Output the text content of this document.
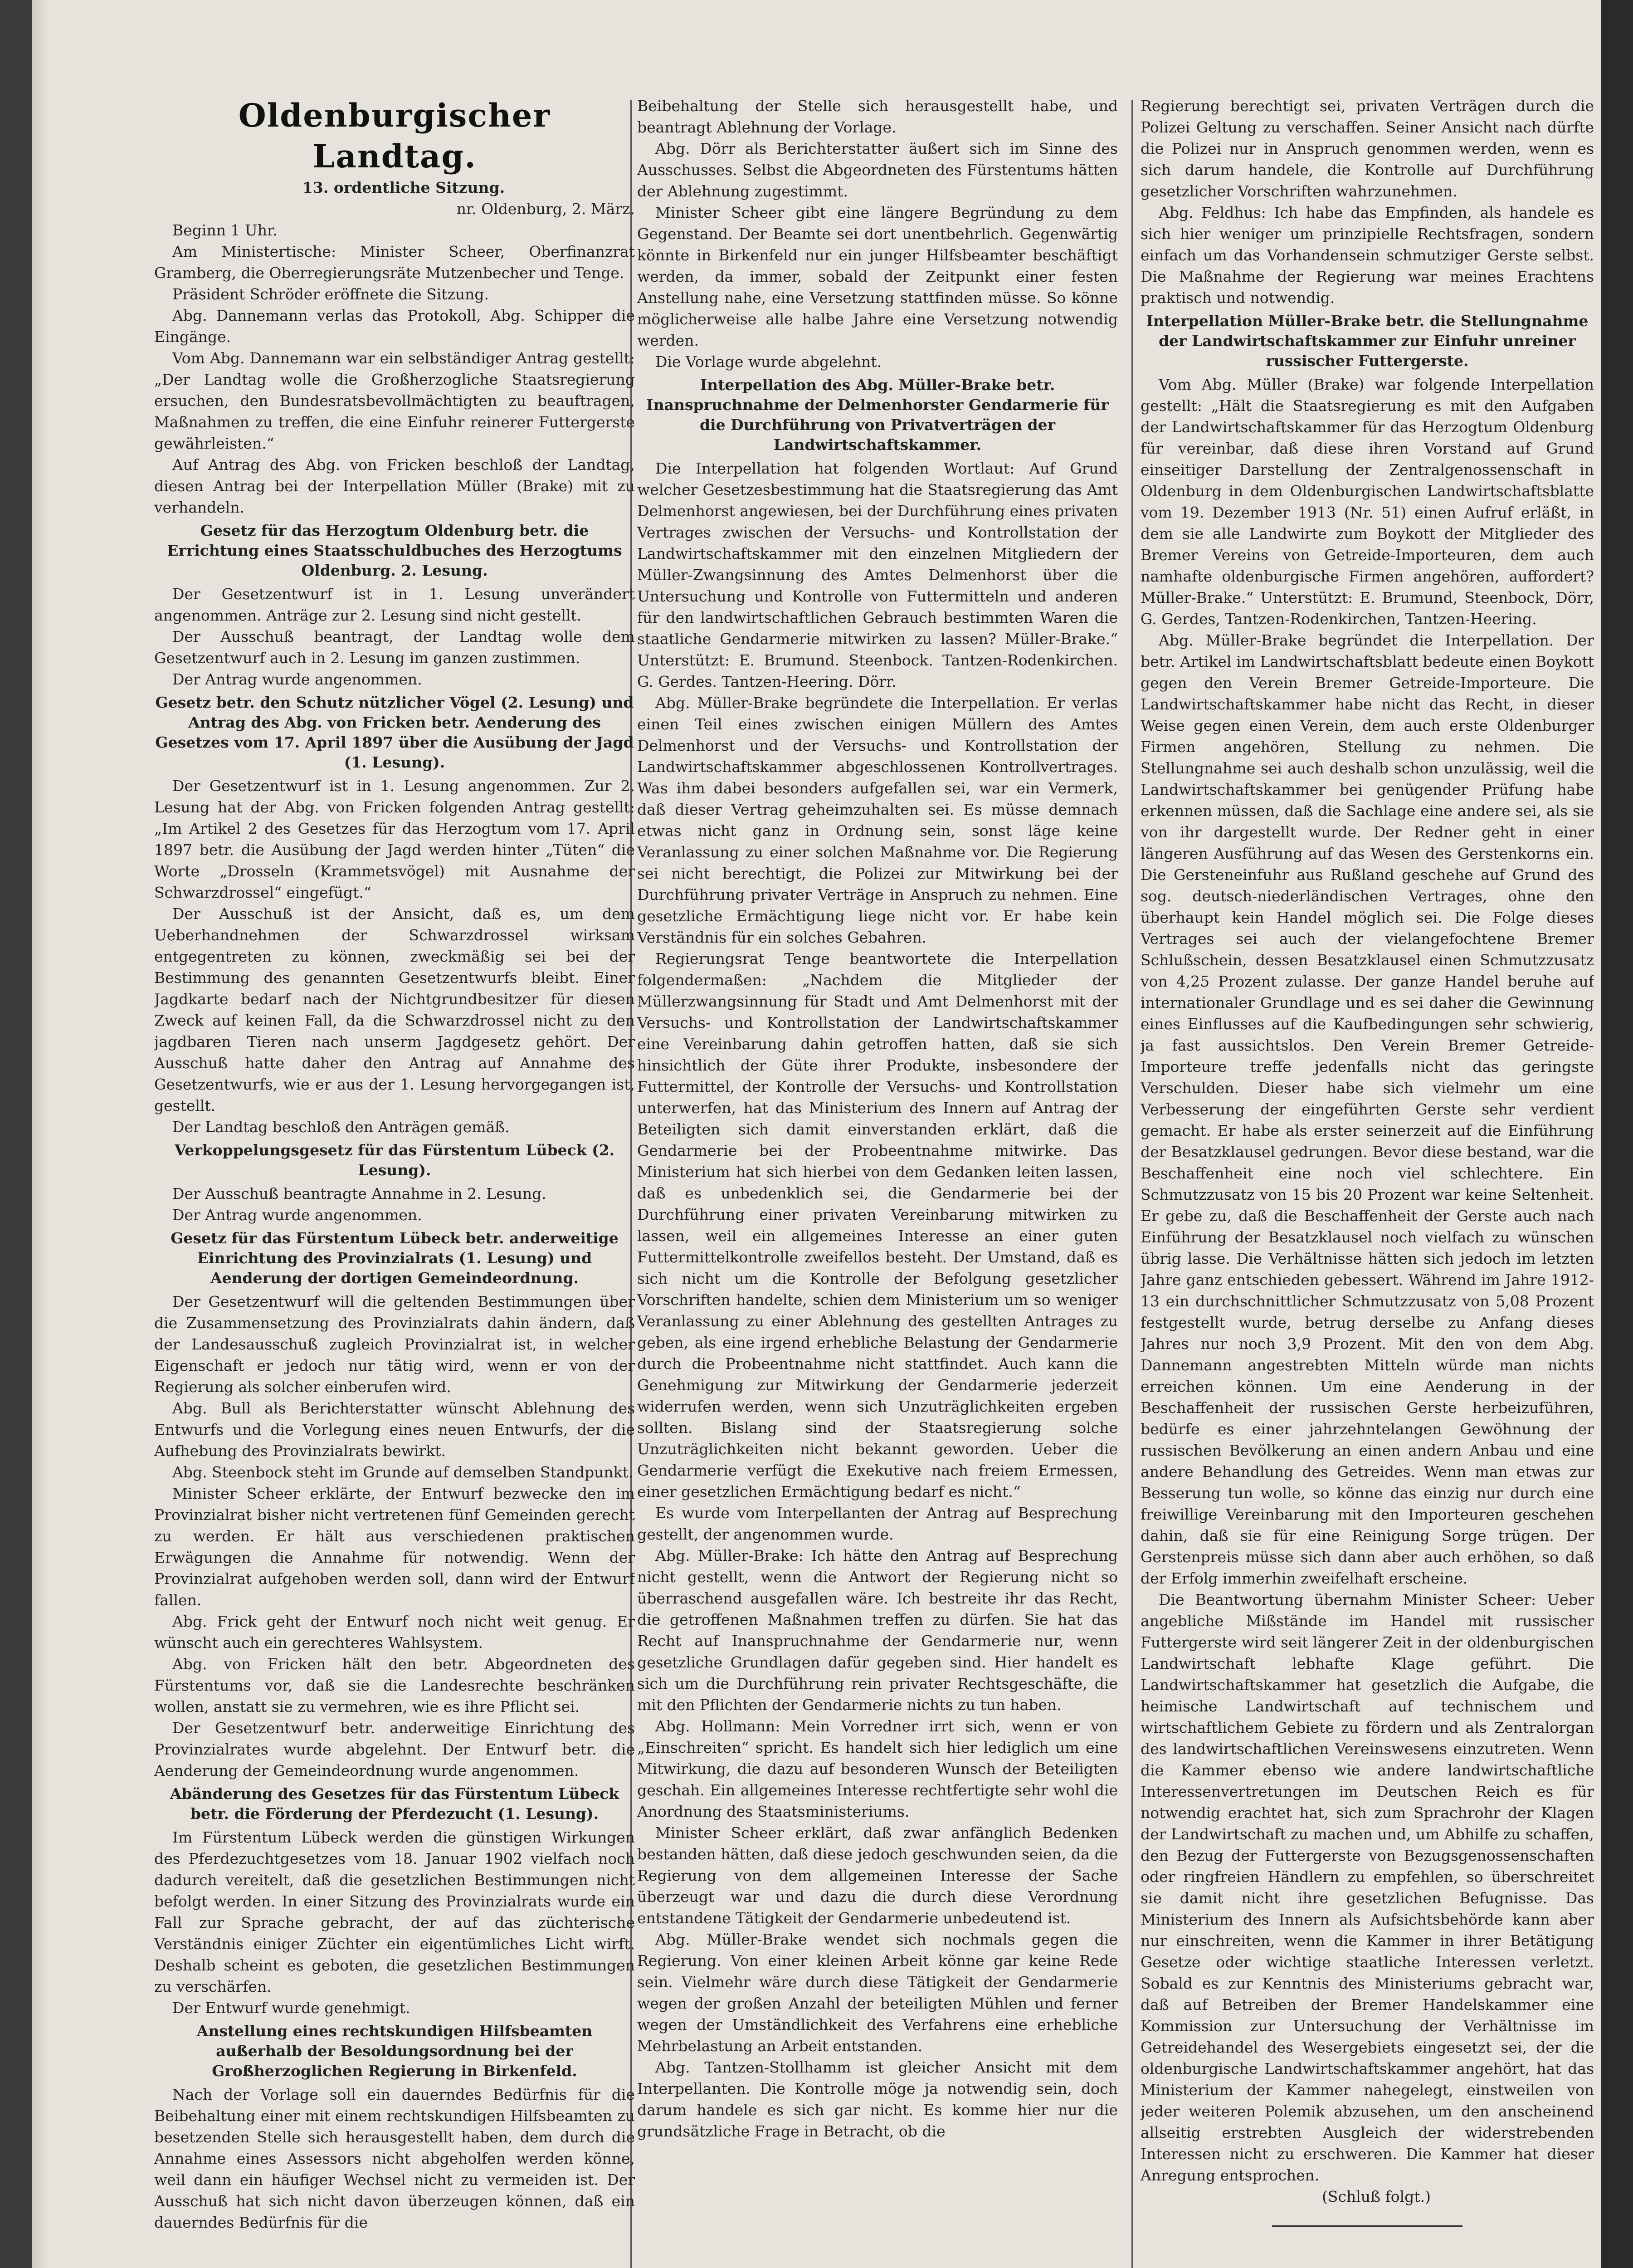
Oldenburgischer Landtag.

13. ordentliche Sitzung.

nr. Oldenburg, 2. März.

Beginn 1 Uhr.

Am Ministertische: Minister Scheer, Oberfinanzrat Gramberg, die Oberregierungsräte Mutzenbecher und Tenge.

Präsident Schröder eröffnete die Sitzung.

Abg. Dannemann verlas das Protokoll, Abg. Schipper die Eingänge.

Vom Abg. Dannemann war ein selbständiger Antrag gestellt: „Der Landtag wolle die Großherzogliche Staatsregierung ersuchen, den Bundesratsbevollmächtigten zu beauftragen, Maßnahmen zu treffen, die eine Einfuhr reinerer Futtergerste gewährleisten.“

Auf Antrag des Abg. von Fricken beschloß der Landtag, diesen Antrag bei der Interpellation Müller (Brake) mit zu verhandeln.

Gesetz für das Herzogtum Oldenburg betr. die Errichtung eines Staatsschuldbuches des Herzogtums Oldenburg. 2. Lesung.

Der Gesetzentwurf ist in 1. Lesung unverändert angenommen. Anträge zur 2. Lesung sind nicht gestellt.

Der Ausschuß beantragt, der Landtag wolle dem Gesetzentwurf auch in 2. Lesung im ganzen zustimmen.

Der Antrag wurde angenommen.

Gesetz betr. den Schutz nützlicher Vögel (2. Lesung) und Antrag des Abg. von Fricken betr. Aenderung des Gesetzes vom 17. April 1897 über die Ausübung der Jagd (1. Lesung).

Der Gesetzentwurf ist in 1. Lesung angenommen. Zur 2. Lesung hat der Abg. von Fricken folgenden Antrag gestellt: „Im Artikel 2 des Gesetzes für das Herzogtum vom 17. April 1897 betr. die Ausübung der Jagd werden hinter „Tüten“ die Worte „Drosseln (Krammetsvögel) mit Ausnahme der Schwarzdrossel“ eingefügt.“

Der Ausschuß ist der Ansicht, daß es, um dem Ueberhandnehmen der Schwarzdrossel wirksam entgegentreten zu können, zweckmäßig sei bei der Bestimmung des genannten Gesetzentwurfs bleibt. Einer Jagdkarte bedarf nach der Nichtgrundbesitzer für diesen Zweck auf keinen Fall, da die Schwarzdrossel nicht zu den jagdbaren Tieren nach unserm Jagdgesetz gehört. Der Ausschuß hatte daher den Antrag auf Annahme des Gesetzentwurfs, wie er aus der 1. Lesung hervorgegangen ist, gestellt.

Der Landtag beschloß den Anträgen gemäß.

Verkoppelungsgesetz für das Fürstentum Lübeck (2. Lesung).

Der Ausschuß beantragte Annahme in 2. Lesung.

Der Antrag wurde angenommen.

Gesetz für das Fürstentum Lübeck betr. anderweitige Einrichtung des Provinzialrats (1. Lesung) und Aenderung der dortigen Gemeindeordnung.

Der Gesetzentwurf will die geltenden Bestimmungen über die Zusammensetzung des Provinzialrats dahin ändern, daß der Landesausschuß zugleich Provinzialrat ist, in welcher Eigenschaft er jedoch nur tätig wird, wenn er von der Regierung als solcher einberufen wird.

Abg. Bull als Berichterstatter wünscht Ablehnung des Entwurfs und die Vorlegung eines neuen Entwurfs, der die Aufhebung des Provinzialrats bewirkt.

Abg. Steenbock steht im Grunde auf demselben Standpunkt.

Minister Scheer erklärte, der Entwurf bezwecke den im Provinzialrat bisher nicht vertretenen fünf Gemeinden gerecht zu werden. Er hält aus verschiedenen praktischen Erwägungen die Annahme für notwendig. Wenn der Provinzialrat aufgehoben werden soll, dann wird der Entwurf fallen.

Abg. Frick geht der Entwurf noch nicht weit genug. Er wünscht auch ein gerechteres Wahlsystem.

Abg. von Fricken hält den betr. Abgeordneten des Fürstentums vor, daß sie die Landesrechte beschränken wollen, anstatt sie zu vermehren, wie es ihre Pflicht sei.

Der Gesetzentwurf betr. anderweitige Einrichtung des Provinzialrates wurde abgelehnt. Der Entwurf betr. die Aenderung der Gemeindeordnung wurde angenommen.

Abänderung des Gesetzes für das Fürstentum Lübeck betr. die Förderung der Pferdezucht (1. Lesung).

Im Fürstentum Lübeck werden die günstigen Wirkungen des Pferdezuchtgesetzes vom 18. Januar 1902 vielfach noch dadurch vereitelt, daß die gesetzlichen Bestimmungen nicht befolgt werden. In einer Sitzung des Provinzialrats wurde ein Fall zur Sprache gebracht, der auf das züchterische Verständnis einiger Züchter ein eigentümliches Licht wirft. Deshalb scheint es geboten, die gesetzlichen Bestimmungen zu verschärfen.

Der Entwurf wurde genehmigt.

Anstellung eines rechtskundigen Hilfsbeamten außerhalb der Besoldungsordnung bei der Großherzoglichen Regierung in Birkenfeld.

Nach der Vorlage soll ein dauerndes Bedürfnis für die Beibehaltung einer mit einem rechtskundigen Hilfsbeamten zu besetzenden Stelle sich herausgestellt haben, dem durch die Annahme eines Assessors nicht abgeholfen werden könne, weil dann ein häufiger Wechsel nicht zu vermeiden ist. Der Ausschuß hat sich nicht davon überzeugen können, daß ein dauerndes Bedürfnis für die

Beibehaltung der Stelle sich herausgestellt habe, und beantragt Ablehnung der Vorlage.

Abg. Dörr als Berichterstatter äußert sich im Sinne des Ausschusses. Selbst die Abgeordneten des Fürstentums hätten der Ablehnung zugestimmt.

Minister Scheer gibt eine längere Begründung zu dem Gegenstand. Der Beamte sei dort unentbehrlich. Gegenwärtig könnte in Birkenfeld nur ein junger Hilfsbeamter beschäftigt werden, da immer, sobald der Zeitpunkt einer festen Anstellung nahe, eine Versetzung stattfinden müsse. So könne möglicherweise alle halbe Jahre eine Versetzung notwendig werden.

Die Vorlage wurde abgelehnt.

Interpellation des Abg. Müller-Brake betr. Inanspruchnahme der Delmenhorster Gendarmerie für die Durchführung von Privatverträgen der Landwirtschaftskammer.

Die Interpellation hat folgenden Wortlaut: Auf Grund welcher Gesetzesbestimmung hat die Staatsregierung das Amt Delmenhorst angewiesen, bei der Durchführung eines privaten Vertrages zwischen der Versuchs- und Kontrollstation der Landwirtschaftskammer mit den einzelnen Mitgliedern der Müller-Zwangsinnung des Amtes Delmenhorst über die Untersuchung und Kontrolle von Futtermitteln und anderen für den landwirtschaftlichen Gebrauch bestimmten Waren die staatliche Gendarmerie mitwirken zu lassen? Müller-Brake.“ Unterstützt: E. Brumund. Steenbock. Tantzen-Rodenkirchen. G. Gerdes. Tantzen-Heering. Dörr.

Abg. Müller-Brake begründete die Interpellation. Er verlas einen Teil eines zwischen einigen Müllern des Amtes Delmenhorst und der Versuchs- und Kontrollstation der Landwirtschaftskammer abgeschlossenen Kontrollvertrages. Was ihm dabei besonders aufgefallen sei, war ein Vermerk, daß dieser Vertrag geheimzuhalten sei. Es müsse demnach etwas nicht ganz in Ordnung sein, sonst läge keine Veranlassung zu einer solchen Maßnahme vor. Die Regierung sei nicht berechtigt, die Polizei zur Mitwirkung bei der Durchführung privater Verträge in Anspruch zu nehmen. Eine gesetzliche Ermächtigung liege nicht vor. Er habe kein Verständnis für ein solches Gebahren.

Regierungsrat Tenge beantwortete die Interpellation folgendermaßen: „Nachdem die Mitglieder der Müllerzwangsinnung für Stadt und Amt Delmenhorst mit der Versuchs- und Kontrollstation der Landwirtschaftskammer eine Vereinbarung dahin getroffen hatten, daß sie sich hinsichtlich der Güte ihrer Produkte, insbesondere der Futtermittel, der Kontrolle der Versuchs- und Kontrollstation unterwerfen, hat das Ministerium des Innern auf Antrag der Beteiligten sich damit einverstanden erklärt, daß die Gendarmerie bei der Probeentnahme mitwirke. Das Ministerium hat sich hierbei von dem Gedanken leiten lassen, daß es unbedenklich sei, die Gendarmerie bei der Durchführung einer privaten Vereinbarung mitwirken zu lassen, weil ein allgemeines Interesse an einer guten Futtermittelkontrolle zweifellos besteht. Der Umstand, daß es sich nicht um die Kontrolle der Befolgung gesetzlicher Vorschriften handelte, schien dem Ministerium um so weniger Veranlassung zu einer Ablehnung des gestellten Antrages zu geben, als eine irgend erhebliche Belastung der Gendarmerie durch die Probeentnahme nicht stattfindet. Auch kann die Genehmigung zur Mitwirkung der Gendarmerie jederzeit widerrufen werden, wenn sich Unzuträglichkeiten ergeben sollten. Bislang sind der Staatsregierung solche Unzuträglichkeiten nicht bekannt geworden. Ueber die Gendarmerie verfügt die Exekutive nach freiem Ermessen, einer gesetzlichen Ermächtigung bedarf es nicht.“

Es wurde vom Interpellanten der Antrag auf Besprechung gestellt, der angenommen wurde.

Abg. Müller-Brake: Ich hätte den Antrag auf Besprechung nicht gestellt, wenn die Antwort der Regierung nicht so überraschend ausgefallen wäre. Ich bestreite ihr das Recht, die getroffenen Maßnahmen treffen zu dürfen. Sie hat das Recht auf Inanspruchnahme der Gendarmerie nur, wenn gesetzliche Grundlagen dafür gegeben sind. Hier handelt es sich um die Durchführung rein privater Rechtsgeschäfte, die mit den Pflichten der Gendarmerie nichts zu tun haben.

Abg. Hollmann: Mein Vorredner irrt sich, wenn er von „Einschreiten“ spricht. Es handelt sich hier lediglich um eine Mitwirkung, die dazu auf besonderen Wunsch der Beteiligten geschah. Ein allgemeines Interesse rechtfertigte sehr wohl die Anordnung des Staatsministeriums.

Minister Scheer erklärt, daß zwar anfänglich Bedenken bestanden hätten, daß diese jedoch geschwunden seien, da die Regierung von dem allgemeinen Interesse der Sache überzeugt war und dazu die durch diese Verordnung entstandene Tätigkeit der Gendarmerie unbedeutend ist.

Abg. Müller-Brake wendet sich nochmals gegen die Regierung. Von einer kleinen Arbeit könne gar keine Rede sein. Vielmehr wäre durch diese Tätigkeit der Gendarmerie wegen der großen Anzahl der beteiligten Mühlen und ferner wegen der Umständlichkeit des Verfahrens eine erhebliche Mehrbelastung an Arbeit entstanden.

Abg. Tantzen-Stollhamm ist gleicher Ansicht mit dem Interpellanten. Die Kontrolle möge ja notwendig sein, doch darum handele es sich gar nicht. Es komme hier nur die grundsätzliche Frage in Betracht, ob die

Regierung berechtigt sei, privaten Verträgen durch die Polizei Geltung zu verschaffen. Seiner Ansicht nach dürfte die Polizei nur in Anspruch genommen werden, wenn es sich darum handele, die Kontrolle auf Durchführung gesetzlicher Vorschriften wahrzunehmen.

Abg. Feldhus: Ich habe das Empfinden, als handele es sich hier weniger um prinzipielle Rechtsfragen, sondern einfach um das Vorhandensein schmutziger Gerste selbst. Die Maßnahme der Regierung war meines Erachtens praktisch und notwendig.

Interpellation Müller-Brake betr. die Stellungnahme der Landwirtschaftskammer zur Einfuhr unreiner russischer Futtergerste.

Vom Abg. Müller (Brake) war folgende Interpellation gestellt: „Hält die Staatsregierung es mit den Aufgaben der Landwirtschaftskammer für das Herzogtum Oldenburg für vereinbar, daß diese ihren Vorstand auf Grund einseitiger Darstellung der Zentralgenossenschaft in Oldenburg in dem Oldenburgischen Landwirtschaftsblatte vom 19. Dezember 1913 (Nr. 51) einen Aufruf erläßt, in dem sie alle Landwirte zum Boykott der Mitglieder des Bremer Vereins von Getreide-Importeuren, dem auch namhafte oldenburgische Firmen angehören, auffordert? Müller-Brake.“ Unterstützt: E. Brumund, Steenbock, Dörr, G. Gerdes, Tantzen-Rodenkirchen, Tantzen-Heering.

Abg. Müller-Brake begründet die Interpellation. Der betr. Artikel im Landwirtschaftsblatt bedeute einen Boykott gegen den Verein Bremer Getreide-Importeure. Die Landwirtschaftskammer habe nicht das Recht, in dieser Weise gegen einen Verein, dem auch erste Oldenburger Firmen angehören, Stellung zu nehmen. Die Stellungnahme sei auch deshalb schon unzulässig, weil die Landwirtschaftskammer bei genügender Prüfung habe erkennen müssen, daß die Sachlage eine andere sei, als sie von ihr dargestellt wurde. Der Redner geht in einer längeren Ausführung auf das Wesen des Gerstenkorns ein. Die Gersteneinfuhr aus Rußland geschehe auf Grund des sog. deutsch-niederländischen Vertrages, ohne den überhaupt kein Handel möglich sei. Die Folge dieses Vertrages sei auch der vielangefochtene Bremer Schlußschein, dessen Besatzklausel einen Schmutzzusatz von 4,25 Prozent zulasse. Der ganze Handel beruhe auf internationaler Grundlage und es sei daher die Gewinnung eines Einflusses auf die Kaufbedingungen sehr schwierig, ja fast aussichtslos. Den Verein Bremer Getreide-Importeure treffe jedenfalls nicht das geringste Verschulden. Dieser habe sich vielmehr um eine Verbesserung der eingeführten Gerste sehr verdient gemacht. Er habe als erster seinerzeit auf die Einführung der Besatzklausel gedrungen. Bevor diese bestand, war die Beschaffenheit eine noch viel schlechtere. Ein Schmutzzusatz von 15 bis 20 Prozent war keine Seltenheit. Er gebe zu, daß die Beschaffenheit der Gerste auch nach Einführung der Besatzklausel noch vielfach zu wünschen übrig lasse. Die Verhältnisse hätten sich jedoch im letzten Jahre ganz entschieden gebessert. Während im Jahre 1912-13 ein durchschnittlicher Schmutzzusatz von 5,08 Prozent festgestellt wurde, betrug derselbe zu Anfang dieses Jahres nur noch 3,9 Prozent. Mit den von dem Abg. Dannemann angestrebten Mitteln würde man nichts erreichen können. Um eine Aenderung in der Beschaffenheit der russischen Gerste herbeizuführen, bedürfe es einer jahrzehntelangen Gewöhnung der russischen Bevölkerung an einen andern Anbau und eine andere Behandlung des Getreides. Wenn man etwas zur Besserung tun wolle, so könne das einzig nur durch eine freiwillige Vereinbarung mit den Importeuren geschehen dahin, daß sie für eine Reinigung Sorge trügen. Der Gerstenpreis müsse sich dann aber auch erhöhen, so daß der Erfolg immerhin zweifelhaft erscheine.

Die Beantwortung übernahm Minister Scheer: Ueber angebliche Mißstände im Handel mit russischer Futtergerste wird seit längerer Zeit in der oldenburgischen Landwirtschaft lebhafte Klage geführt. Die Landwirtschaftskammer hat gesetzlich die Aufgabe, die heimische Landwirtschaft auf technischem und wirtschaftlichem Gebiete zu fördern und als Zentralorgan des landwirtschaftlichen Vereinswesens einzutreten. Wenn die Kammer ebenso wie andere landwirtschaftliche Interessenvertretungen im Deutschen Reich es für notwendig erachtet hat, sich zum Sprachrohr der Klagen der Landwirtschaft zu machen und, um Abhilfe zu schaffen, den Bezug der Futtergerste von Bezugsgenossenschaften oder ringfreien Händlern zu empfehlen, so überschreitet sie damit nicht ihre gesetzlichen Befugnisse. Das Ministerium des Innern als Aufsichtsbehörde kann aber nur einschreiten, wenn die Kammer in ihrer Betätigung Gesetze oder wichtige staatliche Interessen verletzt. Sobald es zur Kenntnis des Ministeriums gebracht war, daß auf Betreiben der Bremer Handelskammer eine Kommission zur Untersuchung der Verhältnisse im Getreidehandel des Wesergebiets eingesetzt sei, der die oldenburgische Landwirtschaftskammer angehört, hat das Ministerium der Kammer nahegelegt, einstweilen von jeder weiteren Polemik abzusehen, um den anscheinend allseitig erstrebten Ausgleich der widerstrebenden Interessen nicht zu erschweren. Die Kammer hat dieser Anregung entsprochen.

(Schluß folgt.)
